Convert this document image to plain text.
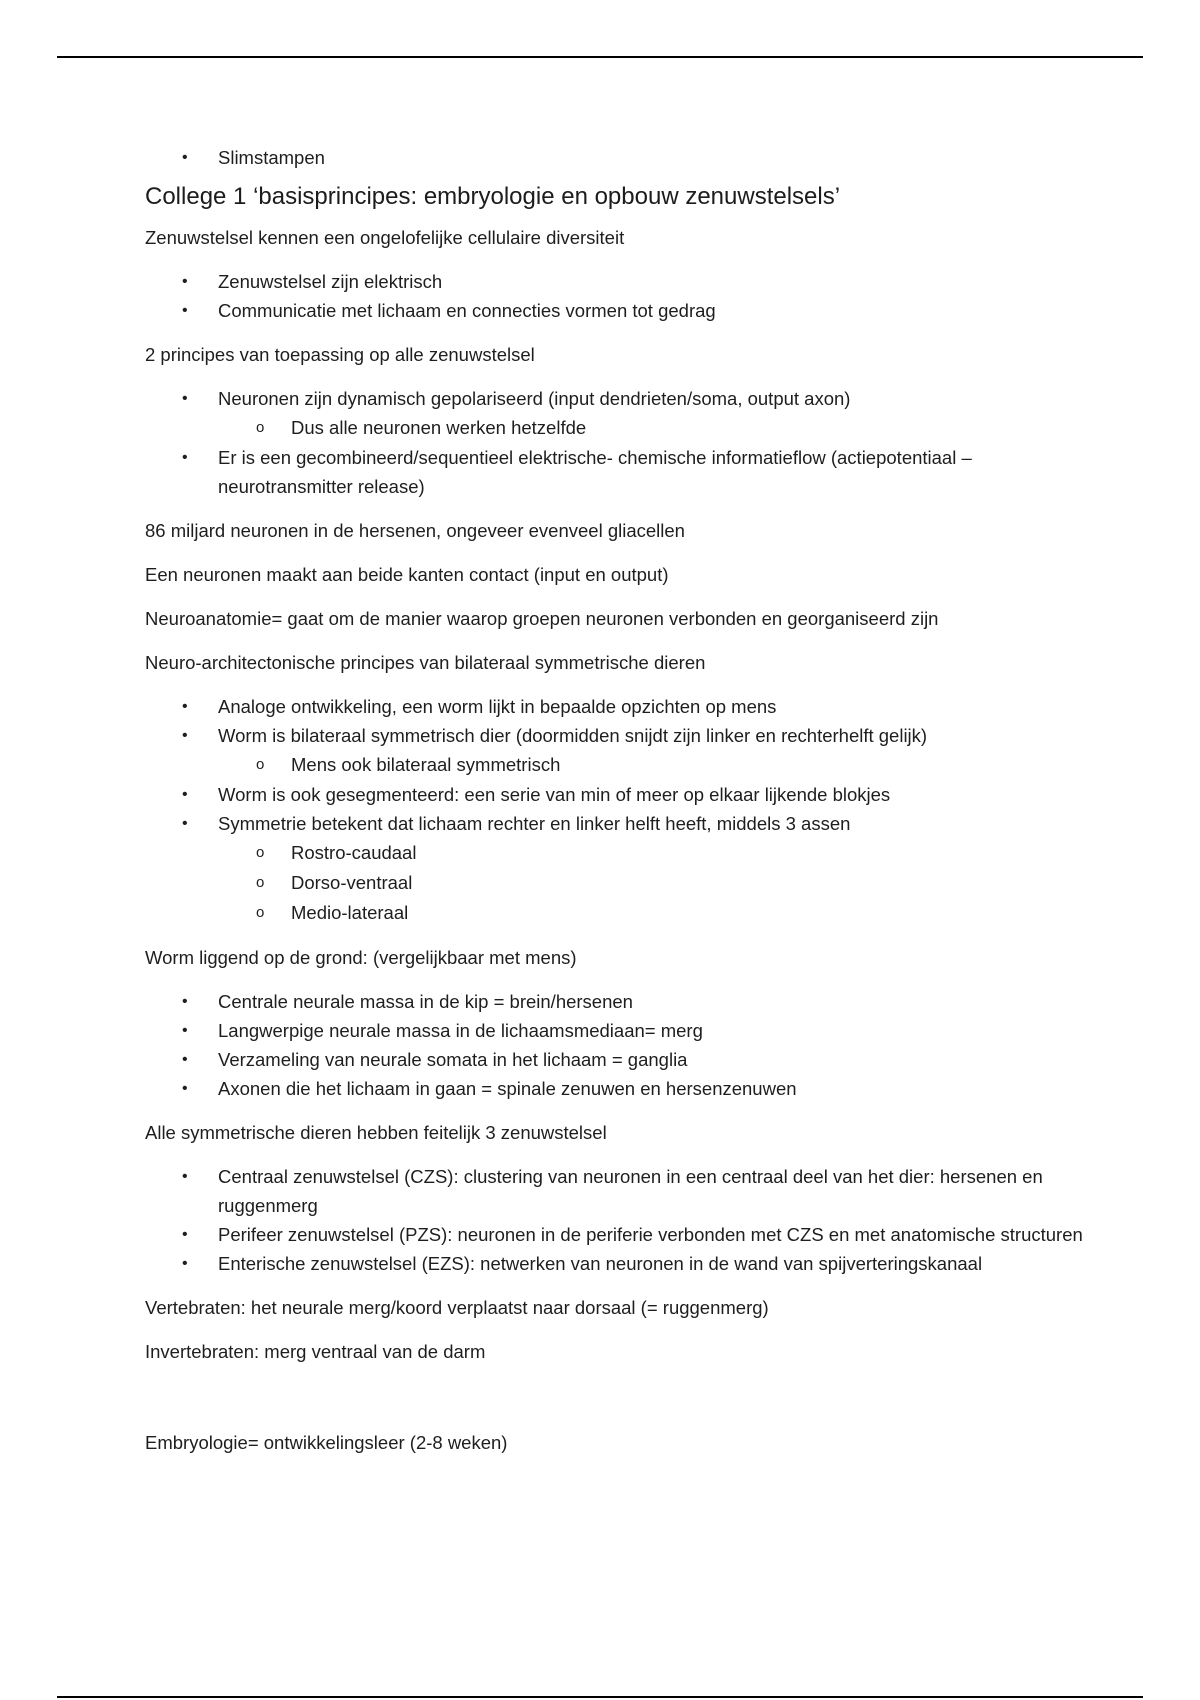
• Slimstampen
College 1 ‘basisprincipes: embryologie en opbouw zenuwstelsels’

Zenuwstelsel kennen een ongelofelijke cellulaire diversiteit

• Zenuwstelsel zijn elektrisch
• Communicatie met lichaam en connecties vormen tot gedrag

2 principes van toepassing op alle zenuwstelsel

• Neuronen zijn dynamisch gepolariseerd (input dendrieten/soma, output axon)
o Dus alle neuronen werken hetzelfde
• Er is een gecombineerd/sequentieel elektrische- chemische informatieflow (actiepotentiaal – neurotransmitter release)

86 miljard neuronen in de hersenen, ongeveer evenveel gliacellen

Een neuronen maakt aan beide kanten contact (input en output)

Neuroanatomie= gaat om de manier waarop groepen neuronen verbonden en georganiseerd zijn

Neuro-architectonische principes van bilateraal symmetrische dieren

• Analoge ontwikkeling, een worm lijkt in bepaalde opzichten op mens
• Worm is bilateraal symmetrisch dier (doormidden snijdt zijn linker en rechterhelft gelijk)
o Mens ook bilateraal symmetrisch
• Worm is ook gesegmenteerd: een serie van min of meer op elkaar lijkende blokjes
• Symmetrie betekent dat lichaam rechter en linker helft heeft, middels 3 assen
o Rostro-caudaal
o Dorso-ventraal
o Medio-lateraal

Worm liggend op de grond: (vergelijkbaar met mens)

• Centrale neurale massa in de kip = brein/hersenen
• Langwerpige neurale massa in de lichaamsmediaan= merg
• Verzameling van neurale somata in het lichaam = ganglia
• Axonen die het lichaam in gaan = spinale zenuwen en hersenzenuwen

Alle symmetrische dieren hebben feitelijk 3 zenuwstelsel

• Centraal zenuwstelsel (CZS): clustering van neuronen in een centraal deel van het dier: hersenen en ruggenmerg
• Perifeer zenuwstelsel (PZS): neuronen in de periferie verbonden met CZS en met anatomische structuren
• Enterische zenuwstelsel (EZS): netwerken van neuronen in de wand van spijverteringskanaal

Vertebraten: het neurale merg/koord verplaatst naar dorsaal (= ruggenmerg)

Invertebraten: merg ventraal van de darm

Embryologie= ontwikkelingsleer (2-8 weken)
